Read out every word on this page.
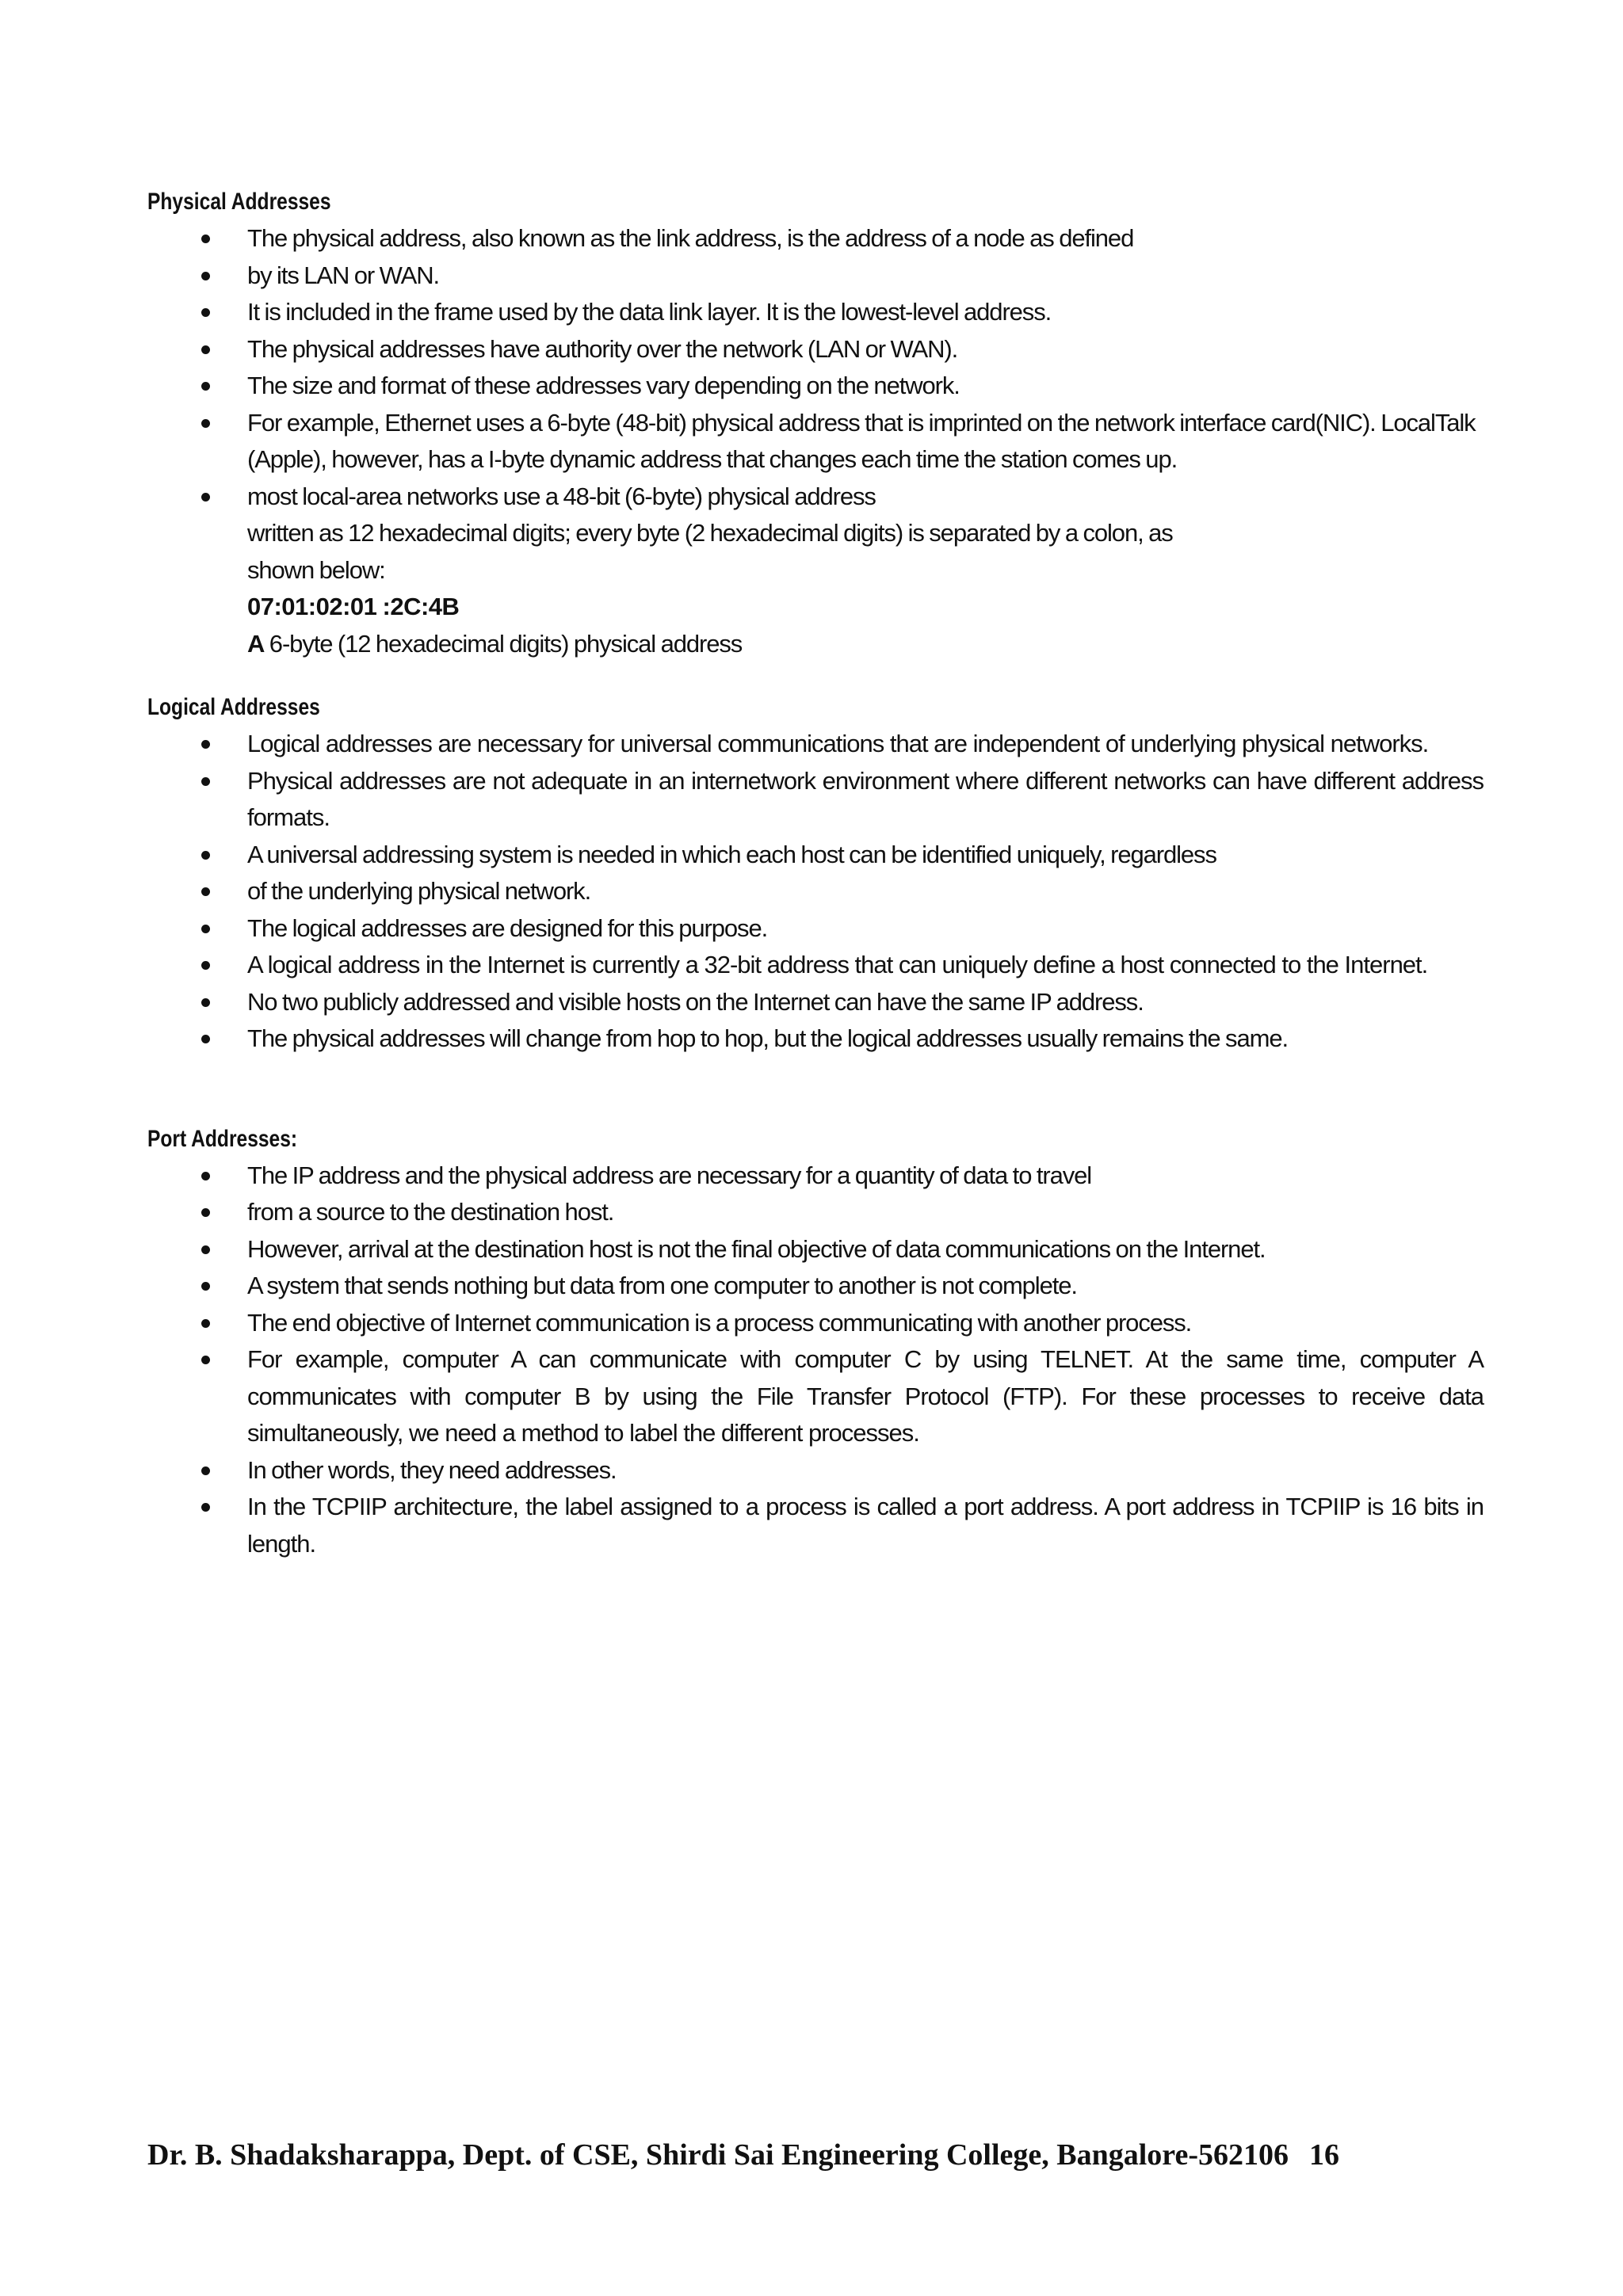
Physical Addresses
The physical address, also known as the link address, is the address of a node as defined
by its LAN or WAN.
It is included in the frame used by the data link layer. It is the lowest-level address.
The physical addresses have authority over the network (LAN or WAN).
The size and format of these addresses vary depending on the network.
For example, Ethernet uses a 6-byte (48-bit) physical address that is imprinted on the network interface card(NIC). LocalTalk (Apple), however, has a I-byte dynamic address that changes each time the station comes up.
most local-area networks use a 48-bit (6-byte) physical address
written as 12 hexadecimal digits; every byte (2 hexadecimal digits) is separated by a colon, as
shown below:
07:01:02:01 :2C:4B
A 6-byte (12 hexadecimal digits) physical address
Logical Addresses
Logical addresses are necessary for universal communications that are independent of underlying physical networks.
Physical addresses are not adequate in an internetwork environment where different networks can have different address formats.
A universal addressing system is needed in which each host can be identified uniquely, regardless
of the underlying physical network.
The logical addresses are designed for this purpose.
A logical address in the Internet is currently a 32-bit address that can uniquely define a host connected to the Internet.
No two publicly addressed and visible hosts on the Internet can have the same IP address.
The physical addresses will change from hop to hop, but the logical addresses usually remains the same.
Port Addresses:
The IP address and the physical address are necessary for a quantity of data to travel
from a source to the destination host.
However, arrival at the destination host is not the final objective of data communications on the Internet.
A system that sends nothing but data from one computer to another is not complete.
The end objective of Internet communication is a process communicating with another process.
For example, computer A can communicate with computer C by using TELNET. At the same time, computer A communicates with computer B by using the File Transfer Protocol (FTP). For these processes to receive data simultaneously, we need a method to label the different processes.
In other words, they need addresses.
In the TCPIIP architecture, the label assigned to a process is called a port address. A port address in TCPIIP is 16 bits in length.
Dr. B. Shadaksharappa, Dept. of CSE, Shirdi Sai Engineering College, Bangalore-562106 16
